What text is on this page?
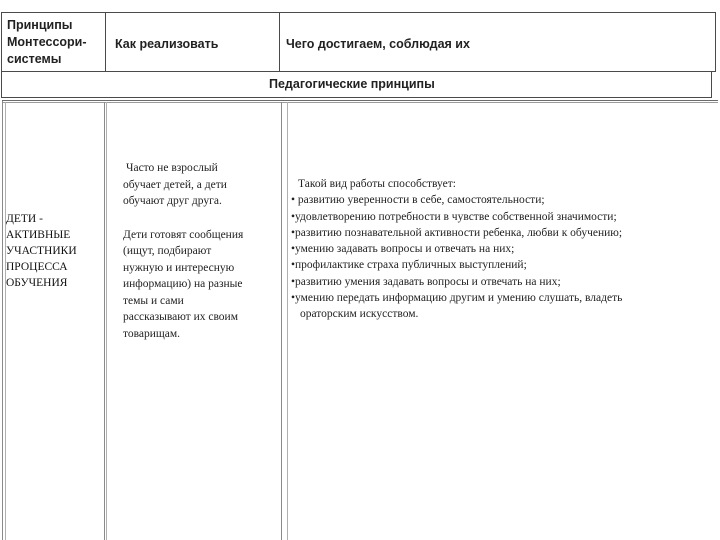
Принципы
Монтессори-
системы
Как реализовать	Чего достигаем, соблюдая их
Педагогические принципы
ДЕТИ -
АКТИВНЫЕ
УЧАСТНИКИ
ПРОЦЕССА
ОБУЧЕНИЯ
Часто не взрослый
обучает детей, а дети
обучают друг друга.
Дети готовят сообщения
(ищут, подбирают
нужную и интересную
информацию) на разные
темы и сами
рассказывают их своим
товарищам.
Такой вид работы способствует:
• развитию уверенности в себе, самостоятельности;
•удовлетворению потребности в чувстве собственной значимости;
•развитию познавательной активности ребенка, любви к обучению;
•умению задавать вопросы и отвечать на них;
•профилактике страха публичных выступлений;
•развитию умения задавать вопросы и отвечать на них;
•умению передать информацию другим и умению слушать, владеть
ораторским искусством.
